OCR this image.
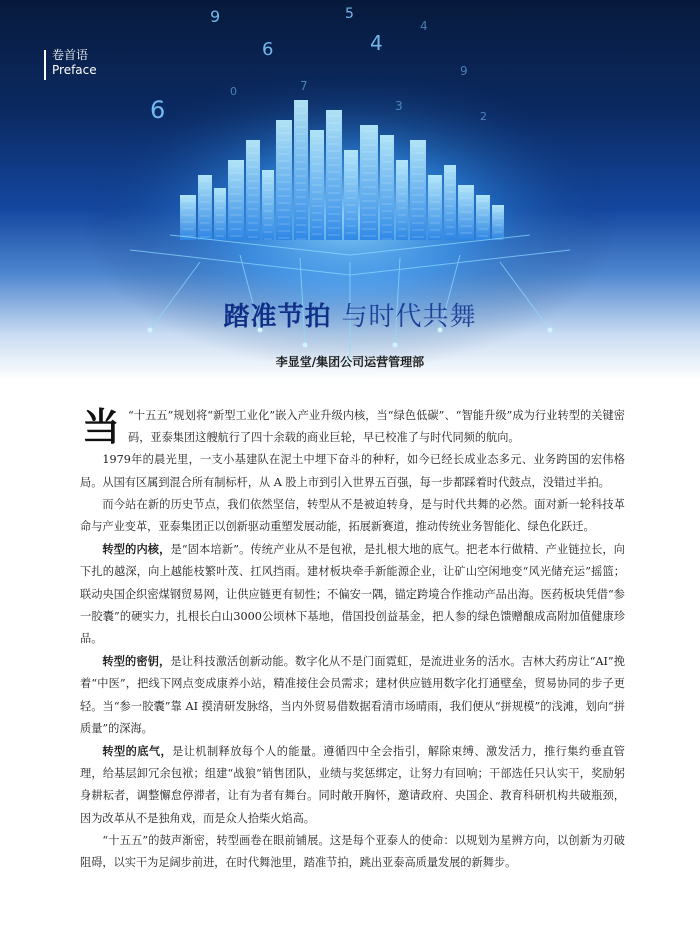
9	5
6	4
6
4
7
9
0
3
2
卷首语
Preface
踏准节拍 与时代共舞
李显堂/集团公司运营管理部

当 “十五五”规划将“新型工业化”嵌入产业升级内核，当“绿色低碳”、“智能升级”成为行业转型的关键密码，亚泰集团这艘航行了四十余载的商业巨轮，早已校准了与时代同频的航向。

1979年的晨光里，一支小基建队在泥土中埋下奋斗的种籽，如今已经长成业态多元、业务跨国的宏伟格局。从国有区属到混合所有制标杆，从 A 股上市到引入世界五百强，每一步都踩着时代鼓点，没错过半拍。

而今站在新的历史节点，我们依然坚信，转型从不是被迫转身，是与时代共舞的必然。面对新一轮科技革命与产业变革，亚泰集团正以创新驱动重塑发展动能，拓展新赛道，推动传统业务智能化、绿色化跃迁。

转型的内核，是“固本培新”。传统产业从不是包袱，是扎根大地的底气。把老本行做精、产业链拉长，向下扎的越深，向上越能枝繁叶茂、扛风挡雨。建材板块牵手新能源企业，让矿山空闲地变“风光储充运”摇篮；联动央国企织密煤钢贸易网，让供应链更有韧性；不偏安一隅，锚定跨境合作推动产品出海。医药板块凭借“参一胶囊”的硬实力，扎根长白山3000公顷林下基地，借国投创益基金，把人参的绿色馈赠酿成高附加值健康珍品。

转型的密钥，是让科技激活创新动能。数字化从不是门面霓虹，是流进业务的活水。吉林大药房让“AI”挽着“中医”，把线下网点变成康养小站，精准接住会员需求；建材供应链用数字化打通壁垒，贸易协同的步子更轻。当“参一胶囊”靠 AI 摸清研发脉络，当内外贸易借数据看清市场晴雨，我们便从“拼规模”的浅滩，划向“拼质量”的深海。

转型的底气，是让机制释放每个人的能量。遵循四中全会指引，解除束缚、激发活力，推行集约垂直管理，给基层卸冗余包袱；组建“战狼”销售团队，业绩与奖惩绑定，让努力有回响；干部选任只认实干，奖励躬身耕耘者，调整懈怠停滞者，让有为者有舞台。同时敞开胸怀，邀请政府、央国企、教育科研机构共破瓶颈，因为改革从不是独角戏，而是众人拾柴火焰高。

“十五五”的鼓声渐密，转型画卷在眼前铺展。这是每个亚泰人的使命：以规划为星辨方向，以创新为刃破阻碍，以实干为足阔步前进，在时代舞池里，踏准节拍，跳出亚泰高质量发展的新舞步。
